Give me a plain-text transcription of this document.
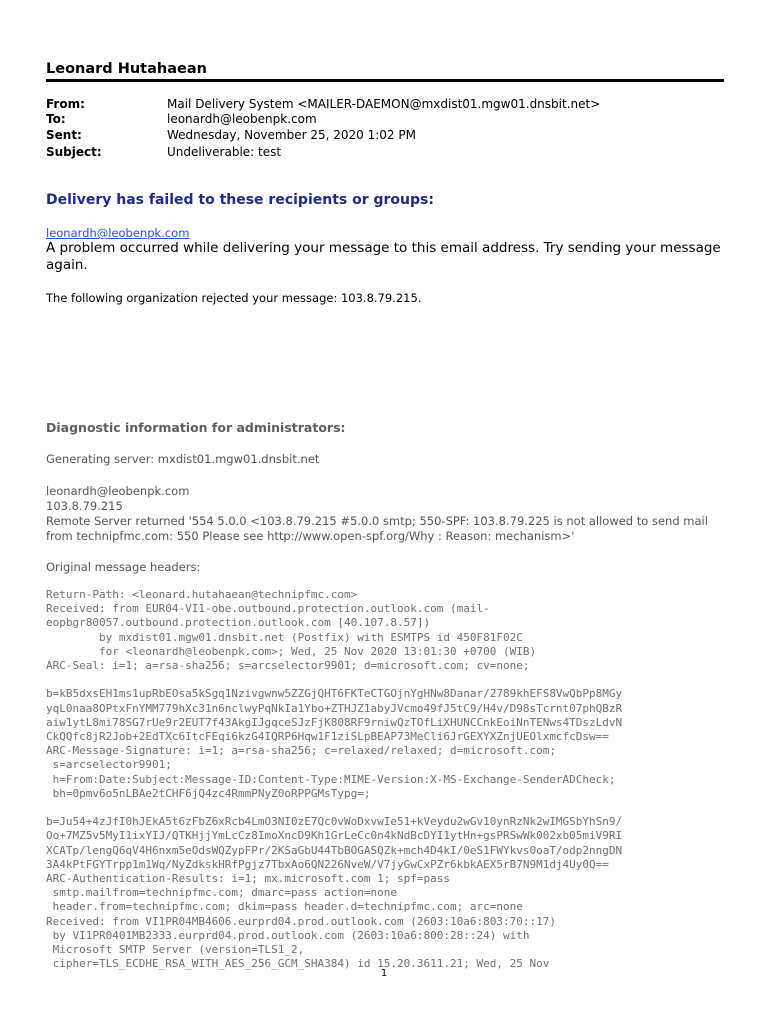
Leonard Hutahaean
From:	Mail Delivery System <MAILER-DAEMON@mxdist01.mgw01.dnsbit.net>
To:	leonardh@leobenpk.com
Sent:	Wednesday, November 25, 2020 1:02 PM
Subject:	Undeliverable: test
Delivery has failed to these recipients or groups:
leonardh@leobenpk.com
A problem occurred while delivering your message to this email address. Try sending your message again.
The following organization rejected your message: 103.8.79.215.
Diagnostic information for administrators:
Generating server: mxdist01.mgw01.dnsbit.net
leonardh@leobenpk.com
103.8.79.215
Remote Server returned '554 5.0.0 <103.8.79.215 #5.0.0 smtp; 550-SPF: 103.8.79.225 is not allowed to send mail from technipfmc.com: 550 Please see http://www.open-spf.org/Why : Reason: mechanism>'
Original message headers:
Return-Path: <leonard.hutahaean@technipfmc.com>
Received: from EUR04-VI1-obe.outbound.protection.outlook.com (mail-
eopbgr80057.outbound.protection.outlook.com [40.107.8.57])
by mxdist01.mgw01.dnsbit.net (Postfix) with ESMTPS id 450F81F02C
for <leonardh@leobenpk.com>; Wed, 25 Nov 2020 13:01:30 +0700 (WIB)
ARC-Seal: i=1; a=rsa-sha256; s=arcselector9901; d=microsoft.com; cv=none;

b=kB5dxsEH1ms1upRbEOsa5kSgq1Nzivgwnw5ZZGjQHT6FKTeCTGOjnYgHNw8Danar/2789khEFS8VwQbPp8MGy
yqL0naa8OPtxFnYMM779hXc31n6nclwyPqNkIa1Ybo+ZTHJZ1abyJVcmo49fJ5tC9/H4v/D98sTcrnt07phQBzR
aiw1ytL8mi78SG7rUe9r2EUT7f43AkgIJgqceSJzFjK808RF9rniwQzTOfLiXHUNCCnkEoiNnTENws4TDszLdvN
CkQQfc8jR2Job+2EdTXc6ItcFEqi6kzG4IQRP6Hqw1F1ziSLpBEAP73MeCli6JrGEXYXZnjUEOlxmcfcDsw==
ARC-Message-Signature: i=1; a=rsa-sha256; c=relaxed/relaxed; d=microsoft.com;
s=arcselector9901;
h=From:Date:Subject:Message-ID:Content-Type:MIME-Version:X-MS-Exchange-SenderADCheck;
bh=0pmv6o5nLBAe2tCHF6jQ4zc4RmmPNyZ0oRPPGMsTypg=;

b=Ju54+4zJfI0hJEkA5t6zFbZ6xRcb4LmO3NI0zE7Qc0vWoDxvwIe51+kVeydu2wGv10ynRzNk2wIMGSbYhSn9/
Oo+7MZ5v5MyI1ixYIJ/QTKHjjYmLcCz8ImoXncD9Kh1GrLeCc0n4kNdBcDYI1ytHn+gsPRSwWk002xb05miV9RI
XCATp/lengQ6qV4H6nxm5eOdsWQZypFPr/2KSaGbU44TbBOGASQZk+mch4D4kI/0eS1FWYkvs0oaT/odp2nngDN
3A4kPtFGYTrpp1m1Wq/NyZdkskHRfPgjz7TbxAo6QN226NveW/V7jyGwCxPZr6kbkAEX5rB7N9M1dj4Uy0Q==
ARC-Authentication-Results: i=1; mx.microsoft.com 1; spf=pass
smtp.mailfrom=technipfmc.com; dmarc=pass action=none
header.from=technipfmc.com; dkim=pass header.d=technipfmc.com; arc=none
Received: from VI1PR04MB4606.eurprd04.prod.outlook.com (2603:10a6:803:70::17)
by VI1PR0401MB2333.eurprd04.prod.outlook.com (2603:10a6:800:28::24) with
Microsoft SMTP Server (version=TLS1_2,
cipher=TLS_ECDHE_RSA_WITH_AES_256_GCM_SHA384) id 15.20.3611.21; Wed, 25 Nov
1
